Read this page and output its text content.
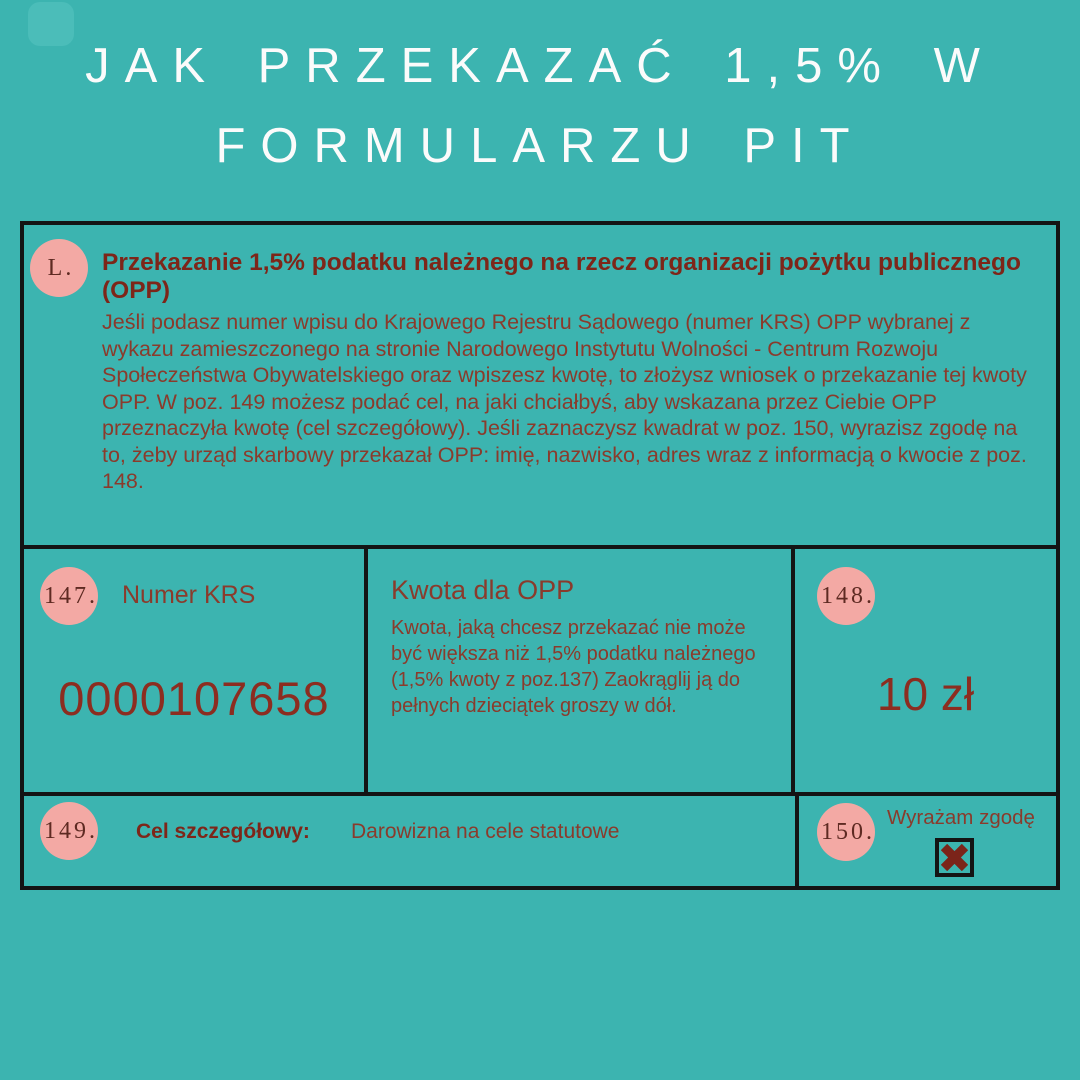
JAK PRZEKAZAĆ 1,5% W
FORMULARZU PIT
L.	Przekazanie 1,5% podatku należnego na rzecz organizacji pożytku publicznego (OPP)
Jeśli podasz numer wpisu do Krajowego Rejestru Sądowego (numer KRS) OPP wybranej z wykazu zamieszczonego na stronie Narodowego Instytutu Wolności - Centrum Rozwoju Społeczeństwa Obywatelskiego oraz wpiszesz kwotę, to złożysz wniosek o przekazanie tej kwoty OPP. W poz. 149 możesz podać cel, na jaki chciałbyś, aby wskazana przez Ciebie OPP przeznaczyła kwotę (cel szczegółowy). Jeśli zaznaczysz kwadrat w poz. 150, wyrazisz zgodę na to, żeby urząd skarbowy przekazał OPP: imię, nazwisko, adres wraz z informacją o kwocie z poz. 148.
147. Numer KRS
0000107658
Kwota dla OPP
Kwota, jaką chcesz przekazać nie może być większa niż 1,5% podatku należnego (1,5% kwoty z poz.137) Zaokrąglij ją do pełnych dzieciątek groszy w dół.
148.
10 zł
149. Cel szczegółowy: Darowizna na cele statutowe	150.
Wyrażam zgodę
